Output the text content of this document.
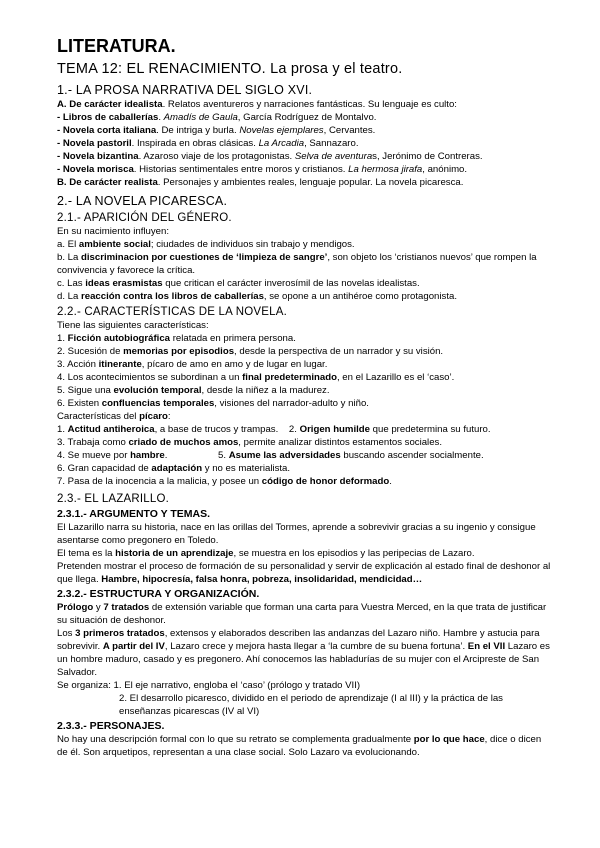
LITERATURA.
TEMA 12: EL RENACIMIENTO. La prosa y el teatro.
1.- LA PROSA NARRATIVA DEL SIGLO XVI.

A. De carácter idealista. Relatos aventureros y narraciones fantásticas. Su lenguaje es culto:

- Libros de caballerías. Amadís de Gaula, García Rodríguez de Montalvo.

- Novela corta italiana. De intriga y burla. Novelas ejemplares, Cervantes.

- Novela pastoril. Inspirada en obras clásicas. La Arcadia, Sannazaro.

- Novela bizantina. Azaroso viaje de los protagonistas. Selva de aventuras, Jerónimo de Contreras.

- Novela morisca. Historias sentimentales entre moros y cristianos. La hermosa jirafa, anónimo.

B. De carácter realista. Personajes y ambientes reales, lenguaje popular. La novela picaresca.

2.- LA NOVELA PICARESCA.
2.1.- APARICIÓN DEL GÉNERO.

En su nacimiento influyen:

a. El ambiente social; ciudades de individuos sin trabajo y mendigos.

b. La discriminacion por cuestiones de ‘limpieza de sangre’, son objeto los ‘cristianos nuevos’ que rompen la convivencia y favorece la crítica.

c. Las ideas erasmistas que critican el carácter inverosímil de las novelas idealistas.

d. La reacción contra los libros de caballerías, se opone a un antihéroe como protagonista.

2.2.- CARACTERÍSTICAS DE LA NOVELA.

Tiene las siguientes características:

1. Ficción autobiográfica relatada en primera persona.

2. Sucesión de memorias por episodios, desde la perspectiva de un narrador y su visión.

3. Acción itinerante, pícaro de amo en amo y de lugar en lugar.

4. Los acontecimientos se subordinan a un final predeterminado, en el Lazarillo es el ‘caso’.

5. Sigue una evolución temporal, desde la niñez a la madurez.

6. Existen confluencias temporales, visiones del narrador-adulto y niño.

Características del pícaro:

1. Actitud antiheroica, a base de trucos y trampas.    2. Origen humilde que predetermina su futuro.

3. Trabaja como criado de muchos amos, permite analizar distintos estamentos sociales.

4. Se mueve por hambre.                   5. Asume las adversidades buscando ascender socialmente.

6. Gran capacidad de adaptación y no es materialista.

7. Pasa de la inocencia a la malicia, y posee un código de honor deformado.

2.3.- EL LAZARILLO.
2.3.1.- ARGUMENTO Y TEMAS.

El Lazarillo narra su historia, nace en las orillas del Tormes, aprende a sobrevivir gracias a su ingenio y consigue asentarse como pregonero en Toledo.

El tema es la historia de un aprendizaje, se muestra en los episodios y las peripecias de Lazaro.

Pretenden mostrar el proceso de formación de su personalidad y servir de explicación al estado final de deshonor al que llega. Hambre, hipocresía, falsa honra, pobreza, insolidaridad, mendicidad…

2.3.2.- ESTRUCTURA Y ORGANIZACIÓN.

Prólogo y 7 tratados de extensión variable que forman una carta para Vuestra Merced, en la que trata de justificar su situación de deshonor.

Los 3 primeros tratados, extensos y elaborados describen las andanzas del Lazaro niño. Hambre y astucia para sobrevivir. A partir del IV, Lazaro crece y mejora hasta llegar a ‘la cumbre de su buena fortuna’. En el VII Lazaro es un hombre maduro, casado y es pregonero. Ahí conocemos las habladurías de su mujer con el Arcipreste de San Salvador.

Se organiza: 1. El eje narrativo, engloba el ‘caso’ (prólogo y tratado VII)

2. El desarrollo picaresco, dividido en el periodo de aprendizaje (I al III) y la práctica de las enseñanzas picarescas (IV al VI)

2.3.3.- PERSONAJES.

No hay una descripción formal con lo que su retrato se complementa gradualmente por lo que hace, dice o dicen de él. Son arquetipos, representan a una clase social. Solo Lazaro va evolucionando.
